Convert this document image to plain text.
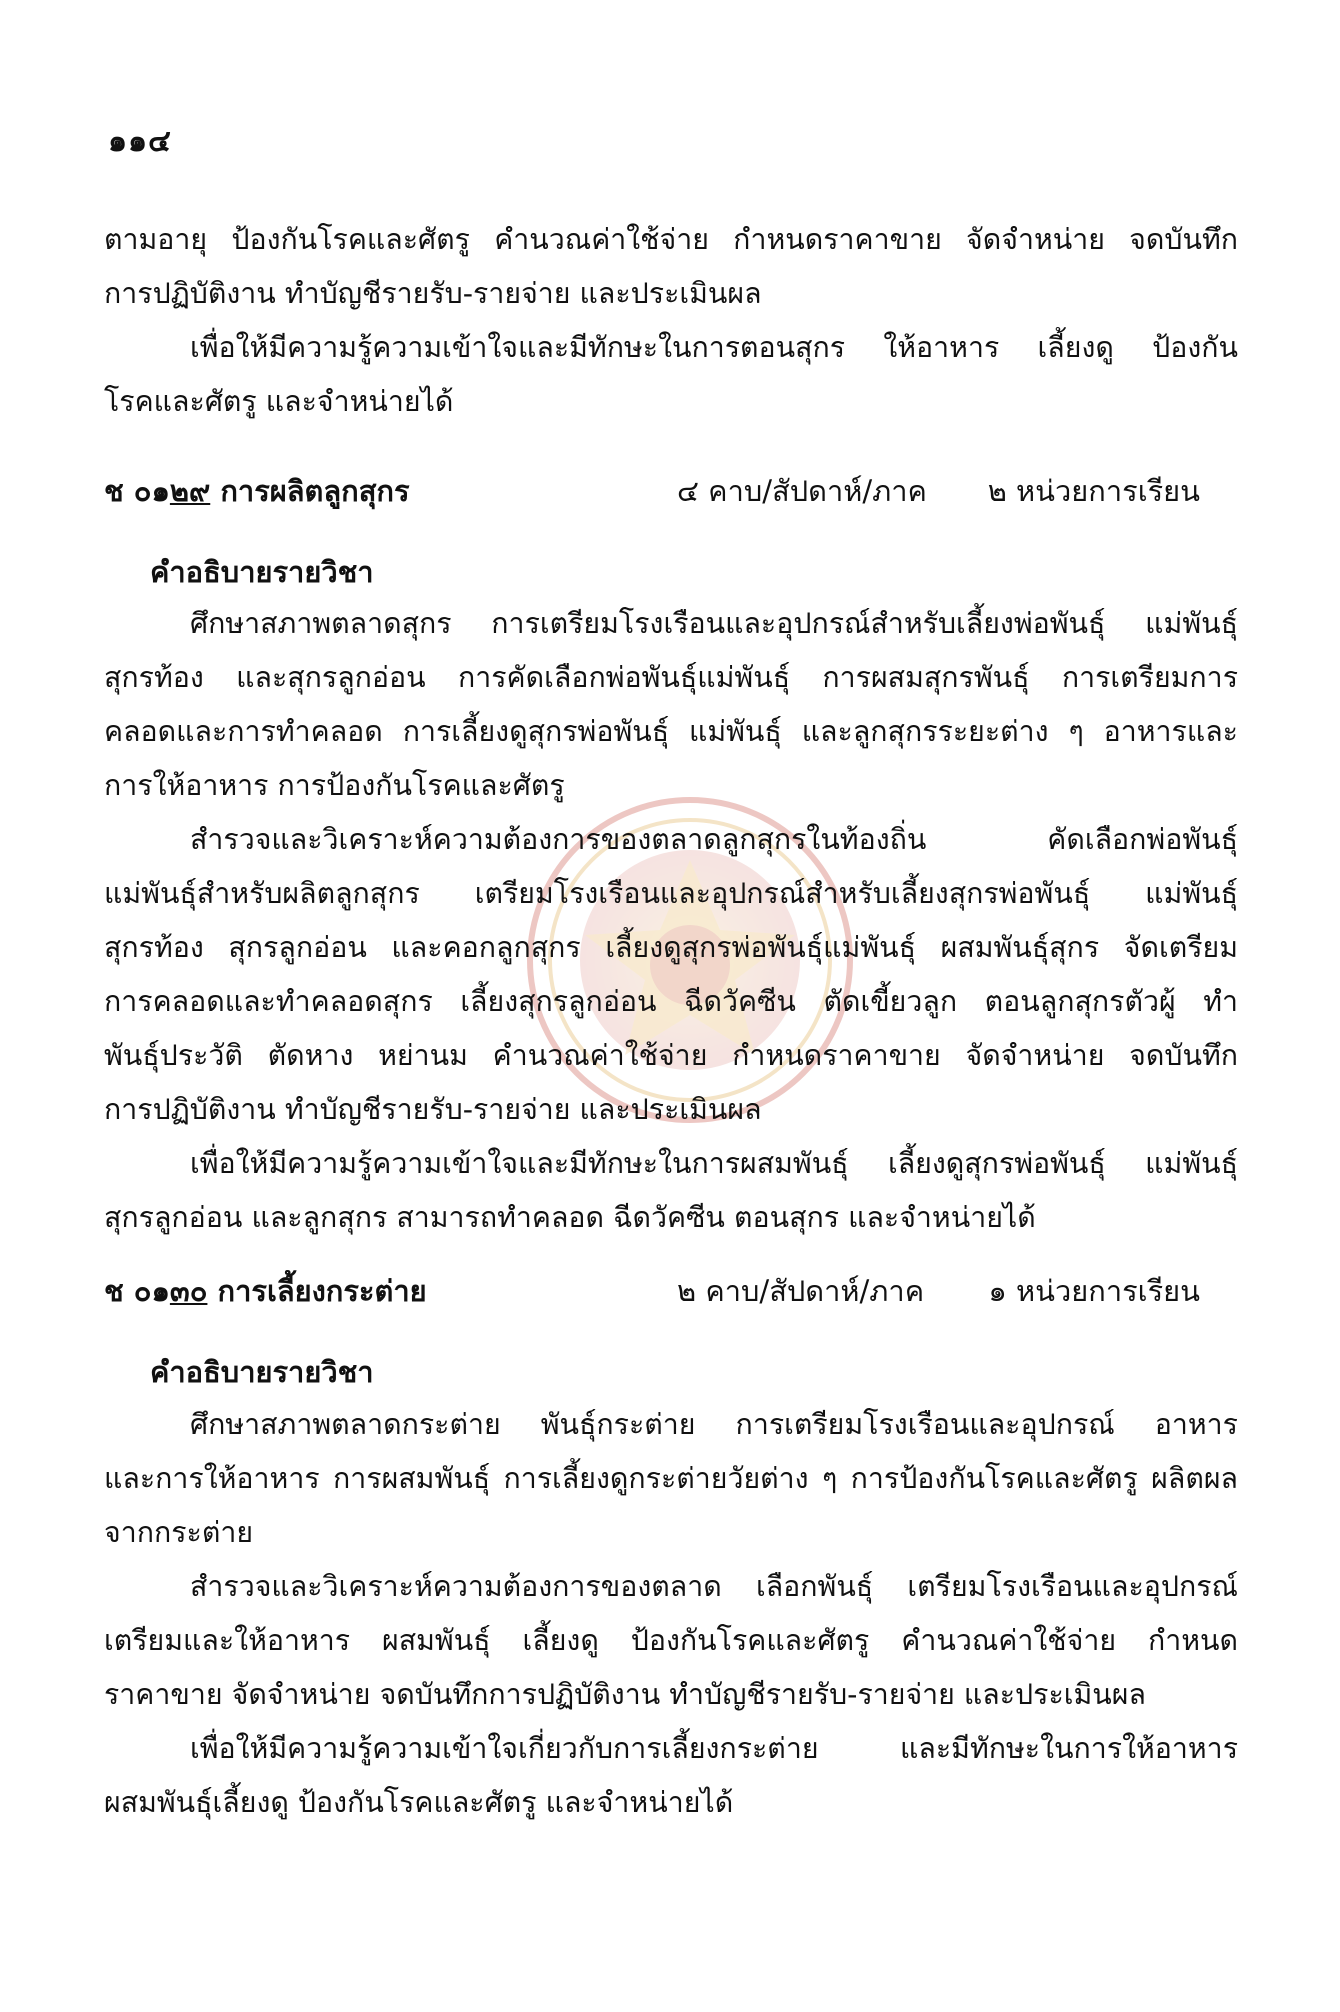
๑๑๔
ตามอายุ ป้องกันโรคและศัตรู คำนวณค่าใช้จ่าย กำหนดราคาขาย จัดจำหน่าย จดบันทึก
การปฏิบัติงาน ทำบัญชีรายรับ-รายจ่าย และประเมินผล
เพื่อให้มีความรู้ความเข้าใจและมีทักษะในการตอนสุกร ให้อาหาร เลี้ยงดู ป้องกัน
โรคและศัตรู และจำหน่ายได้
ช ๐๑๒๙ การผลิตลูกสุกร	๔ คาบ/สัปดาห์/ภาค ๒ หน่วยการเรียน
คำอธิบายรายวิชา
ศึกษาสภาพตลาดสุกร การเตรียมโรงเรือนและอุปกรณ์สำหรับเลี้ยงพ่อพันธุ์ แม่พันธุ์
สุกรท้อง และสุกรลูกอ่อน การคัดเลือกพ่อพันธุ์แม่พันธุ์ การผสมสุกรพันธุ์ การเตรียมการ
คลอดและการทำคลอด การเลี้ยงดูสุกรพ่อพันธุ์ แม่พันธุ์ และลูกสุกรระยะต่าง ๆ อาหารและ
การให้อาหาร การป้องกันโรคและศัตรู
สำรวจและวิเคราะห์ความต้องการของตลาดลูกสุกรในท้องถิ่น คัดเลือกพ่อพันธุ์
แม่พันธุ์สำหรับผลิตลูกสุกร เตรียมโรงเรือนและอุปกรณ์สำหรับเลี้ยงสุกรพ่อพันธุ์ แม่พันธุ์
สุกรท้อง สุกรลูกอ่อน และคอกลูกสุกร เลี้ยงดูสุกรพ่อพันธุ์แม่พันธุ์ ผสมพันธุ์สุกร จัดเตรียม
การคลอดและทำคลอดสุกร เลี้ยงสุกรลูกอ่อน ฉีดวัคซีน ตัดเขี้ยวลูก ตอนลูกสุกรตัวผู้ ทำ
พันธุ์ประวัติ ตัดหาง หย่านม คำนวณค่าใช้จ่าย กำหนดราคาขาย จัดจำหน่าย จดบันทึก
การปฏิบัติงาน ทำบัญชีรายรับ-รายจ่าย และประเมินผล
เพื่อให้มีความรู้ความเข้าใจและมีทักษะในการผสมพันธุ์ เลี้ยงดูสุกรพ่อพันธุ์ แม่พันธุ์
สุกรลูกอ่อน และลูกสุกร สามารถทำคลอด ฉีดวัคซีน ตอนสุกร และจำหน่ายได้
ช ๐๑๓๐ การเลี้ยงกระต่าย	๒ คาบ/สัปดาห์/ภาค ๑ หน่วยการเรียน
คำอธิบายรายวิชา
ศึกษาสภาพตลาดกระต่าย พันธุ์กระต่าย การเตรียมโรงเรือนและอุปกรณ์ อาหาร
และการให้อาหาร การผสมพันธุ์ การเลี้ยงดูกระต่ายวัยต่าง ๆ การป้องกันโรคและศัตรู ผลิตผล
จากกระต่าย
สำรวจและวิเคราะห์ความต้องการของตลาด เลือกพันธุ์ เตรียมโรงเรือนและอุปกรณ์
เตรียมและให้อาหาร ผสมพันธุ์ เลี้ยงดู ป้องกันโรคและศัตรู คำนวณค่าใช้จ่าย กำหนด
ราคาขาย จัดจำหน่าย จดบันทึกการปฏิบัติงาน ทำบัญชีรายรับ-รายจ่าย และประเมินผล
เพื่อให้มีความรู้ความเข้าใจเกี่ยวกับการเลี้ยงกระต่าย และมีทักษะในการให้อาหาร
ผสมพันธุ์เลี้ยงดู ป้องกันโรคและศัตรู และจำหน่ายได้
